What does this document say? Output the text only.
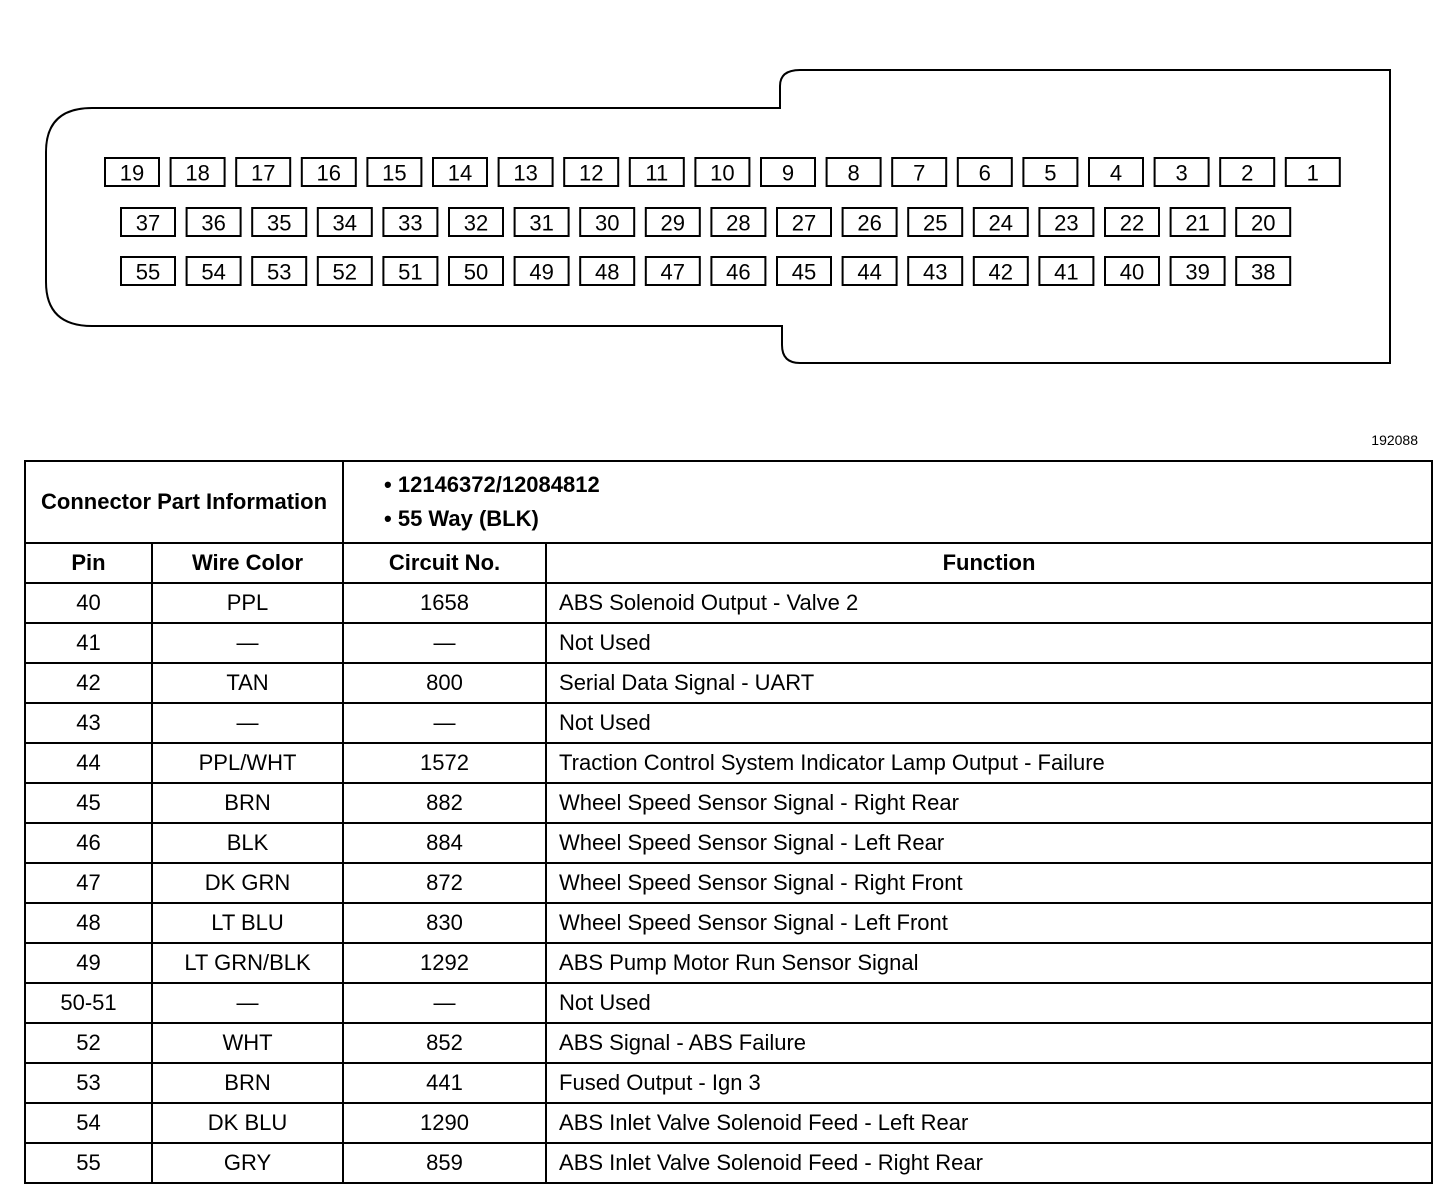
19 18 17 16 15 14 13 12 11 10 9 8 7 6 5 4 3 2 1
37 36 35 34 33 32 31 30 29 28 27 26 25 24 23 22 21 20
55 54 53 52 51 50 49 48 47 46 45 44 43 42 41 40 39 38
192088
Connector Part Information		• 12146372/12084812
• 55 Way (BLK)

Pin	Wire Color	Circuit No.	Function
40	PPL	1658	ABS Solenoid Output - Valve 2
41	—	—	Not Used
42	TAN	800	Serial Data Signal - UART
43	—	—	Not Used
44	PPL/WHT	1572	Traction Control System Indicator Lamp Output - Failure
45	BRN	882	Wheel Speed Sensor Signal - Right Rear
46	BLK	884	Wheel Speed Sensor Signal - Left Rear
47	DK GRN	872	Wheel Speed Sensor Signal - Right Front
48	LT BLU	830	Wheel Speed Sensor Signal - Left Front
49	LT GRN/BLK	1292	ABS Pump Motor Run Sensor Signal
50-51	—	—	Not Used
52	WHT	852	ABS Signal - ABS Failure
53	BRN	441	Fused Output - Ign 3
54	DK BLU	1290	ABS Inlet Valve Solenoid Feed - Left Rear
55	GRY	859	ABS Inlet Valve Solenoid Feed - Right Rear
